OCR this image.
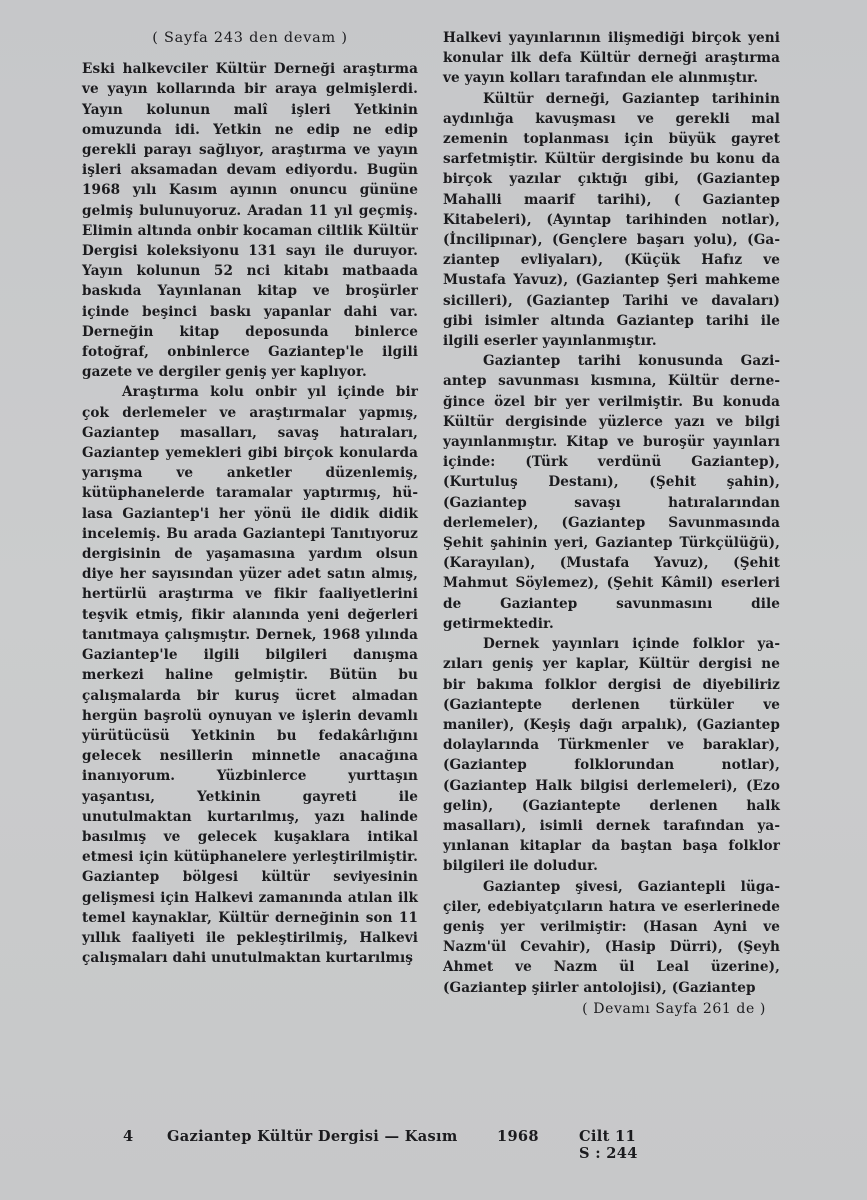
( Sayfa 243 den devam )

Eski halkevciler Kültür Derneği araştırma ve yayın kollarında bir araya gelmişlerdi. Yayın kolunun malî işleri Yetkinin omuzunda idi. Yetkin ne edip ne edip gerekli parayı sağlıyor, araştırma ve yayın işleri aksamadan devam ediyordu. Bugün 1968 yılı Kasım ayının onuncu gününe gelmiş bulunuyoruz. Aradan 11 yıl geçmiş. Elimin altında onbir kocaman ciltlik Kültür Dergisi koleksiyonu 131 sayı ile duruyor. Yayın kolunun 52 nci kitabı matbaada baskıda Yayınlanan kitap ve broşürler içinde beşinci baskı yapanlar dahi var. Derneğin kitap deposunda binlerce fotoğraf, onbinlerce Gaziantep'le ilgili gazete ve dergiler geniş yer kaplıyor.

Araştırma kolu onbir yıl içinde bir çok derlemeler ve araştırmalar yapmış, Gaziantep masalları, savaş hatıraları, Gaziantep yemekleri gibi birçok konularda yarışma ve anketler düzenlemiş, kütüphanelerde taramalar yaptırmış, hülasa Gaziantep'i her yönü ile didik didik incelemiş. Bu arada Gaziantepi Tanıtıyoruz dergisinin de yaşamasına yardım olsun diye her sayısından yüzer adet satın almış, hertürlü araştırma ve fikir faaliyetlerini teşvik etmiş, fikir alanında yeni değerleri tanıtmaya çalışmıştır. Dernek, 1968 yılında Gaziantep'le ilgili bilgileri danışma merkezi haline gelmiştir. Bütün bu çalışmalarda bir kuruş ücret almadan hergün başrolü oynuyan ve işlerin devamlı yürütücüsü Yetkinin bu fedakârlığını gelecek nesillerin minnetle anacağına inanıyorum. Yüzbinlerce yurttaşın yaşantısı, Yetkinin gayreti ile unutulmaktan kurtarılmış, yazı halinde basılmış ve gelecek kuşaklara intikal etmesi için kütüphanelere yerleştirilmiştir. Gaziantep bölgesi kültür seviyesinin gelişmesi için Halkevi zamanında atılan ilk temel kaynaklar, Kültür derneğinin son 11 yıllık faaliyeti ile pekleştirilmiş, Halkevi çalışmaları dahi unutulmaktan kurtarılmış

Halkevi yayınlarının ilişmediği birçok yeni konular ilk defa Kültür derneği araştırma ve yayın kolları tarafından ele alınmıştır.

Kültür derneği, Gaziantep tarihinin aydınlığa kavuşması ve gerekli mal zemenin toplanması için büyük gayret sarfetmiştir. Kültür dergisinde bu konu da birçok yazılar çıktığı gibi, (Gaziantep Mahalli maarif tarihi), ( Gaziantep Kitabeleri), (Ayıntap tarihinden notlar), (İncilipınar), (Gençlere başarı yolu), (Gaziantep evliyaları), (Küçük Hafız ve Mustafa Yavuz), (Gaziantep Şeri mahkeme sicilleri), (Gaziantep Tarihi ve davaları) gibi isimler altında Gaziantep tarihi ile ilgili eserler yayınlanmıştır.

Gaziantep tarihi konusunda Gaziantep savunması kısmına, Kültür derneğince özel bir yer verilmiştir. Bu konuda Kültür dergisinde yüzlerce yazı ve bilgi yayınlanmıştır. Kitap ve buroşür yayınları içinde: (Türk verdünü Gaziantep), (Kurtuluş Destanı), (Şehit şahin), (Gaziantep savaşı hatıralarından derlemeler), (Gaziantep Savunmasında Şehit şahinin yeri, Gaziantep Türkçülüğü), (Karayılan), (Mustafa Yavuz), (Şehit Mahmut Söylemez), (Şehit Kâmil) eserleri de Gaziantep savunmasını dile getirmektedir.

Dernek yayınları içinde folklor yazıları geniş yer kaplar, Kültür dergisi ne bir bakıma folklor dergisi de diyebiliriz (Gaziantepte derlenen türküler ve maniler), (Keşiş dağı arpalık), (Gaziantep dolaylarında Türkmenler ve baraklar), (Gaziantep folklorundan notlar), (Gaziantep Halk bilgisi derlemeleri), (Ezo gelin), (Gaziantepte derlenen halk masalları), isimli dernek tarafından yayınlanan kitaplar da baştan başa folklor bilgileri ile doludur.

Gaziantep şivesi, Gaziantepli lügaçiler, edebiyatçıların hatıra ve eserlerinede geniş yer verilmiştir: (Hasan Ayni ve Nazm'ül Cevahir), (Hasip Dürri), (Şeyh Ahmet ve Nazm ül Leal üzerine), (Gaziantep şiirler antolojisi), (Gaziantep

( Devamı Sayfa 261 de )
4	Gaziantep Kültür Dergisi — Kasım	1968	Cilt 11 S : 244
